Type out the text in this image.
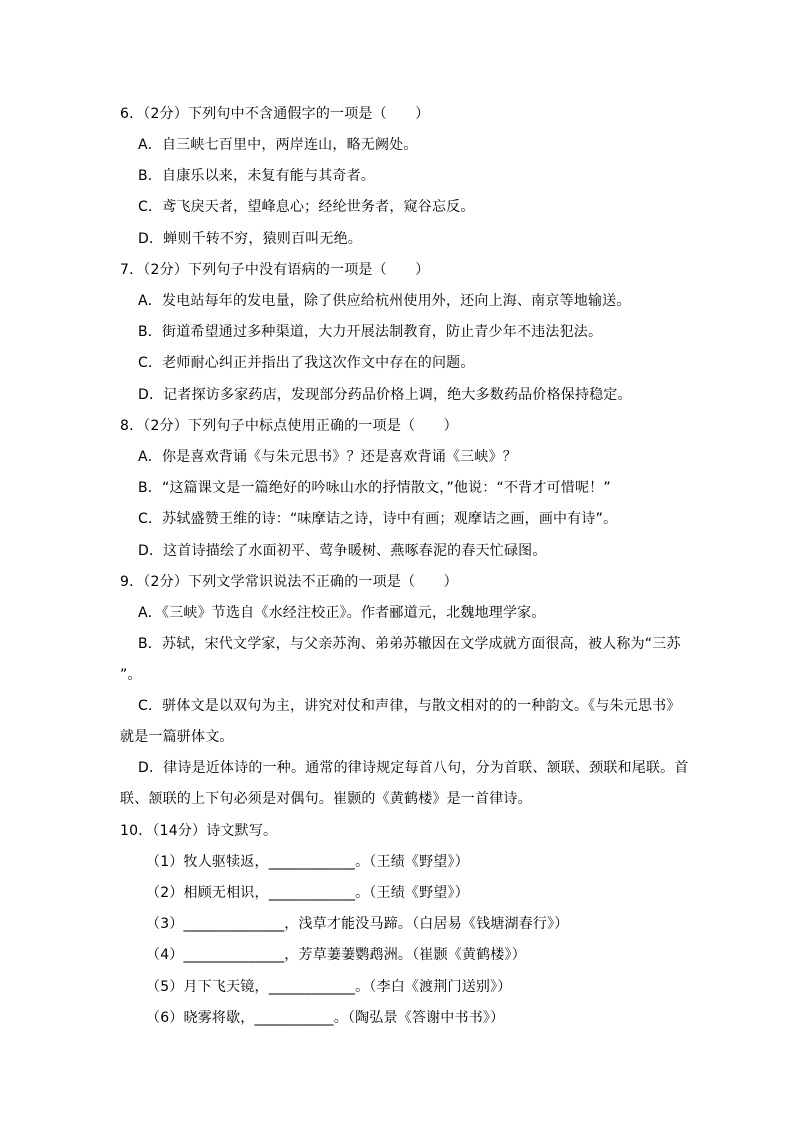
6．（2分）下列句中不含通假字的一项是（　　）
A．自三峡七百里中，两岸连山，略无阙处。
B．自康乐以来，未复有能与其奇者。
C．鸢飞戾天者，望峰息心；经纶世务者，窥谷忘反。
D．蝉则千转不穷，猿则百叫无绝。
7．（2分）下列句子中没有语病的一项是（　　）
A．发电站每年的发电量，除了供应给杭州使用外，还向上海、南京等地输送。
B．街道希望通过多种渠道，大力开展法制教育，防止青少年不违法犯法。
C．老师耐心纠正并指出了我这次作文中存在的问题。
D．记者探访多家药店，发现部分药品价格上调，绝大多数药品价格保持稳定。
8．（2分）下列句子中标点使用正确的一项是（　　）
A．你是喜欢背诵《与朱元思书》？还是喜欢背诵《三峡》？
B．“这篇课文是一篇绝好的吟咏山水的抒情散文，”他说：“不背才可惜呢！”
C．苏轼盛赞王维的诗：“味摩诘之诗，诗中有画；观摩诘之画，画中有诗”。
D．这首诗描绘了水面初平、莺争暖树、燕啄春泥的春天忙碌图。
9．（2分）下列文学常识说法不正确的一项是（　　）
A．《三峡》节选自《水经注校正》。作者郦道元，北魏地理学家。
B．苏轼，宋代文学家，与父亲苏洵、弟弟苏辙因在文学成就方面很高，被人称为“三苏
”。
C．骈体文是以双句为主，讲究对仗和声律，与散文相对的的一种韵文。《与朱元思书》
就是一篇骈体文。
D．律诗是近体诗的一种。通常的律诗规定每首八句，分为首联、颔联、颈联和尾联。首
联、颔联的上下句必须是对偶句。崔颢的《黄鹤楼》是一首律诗。
10．（14分）诗文默写。
（1）牧人驱犊返，____________。（王绩《野望》）
（2）相顾无相识，____________。（王绩《野望》）
（3）______________，浅草才能没马蹄。（白居易《钱塘湖春行》）
（4）______________，芳草萋萋鹦鹉洲。（崔颢《黄鹤楼》）
（5）月下飞天镜，____________。（李白《渡荆门送别》）
（6）晓雾将歇，___________。（陶弘景《答谢中书书》）
